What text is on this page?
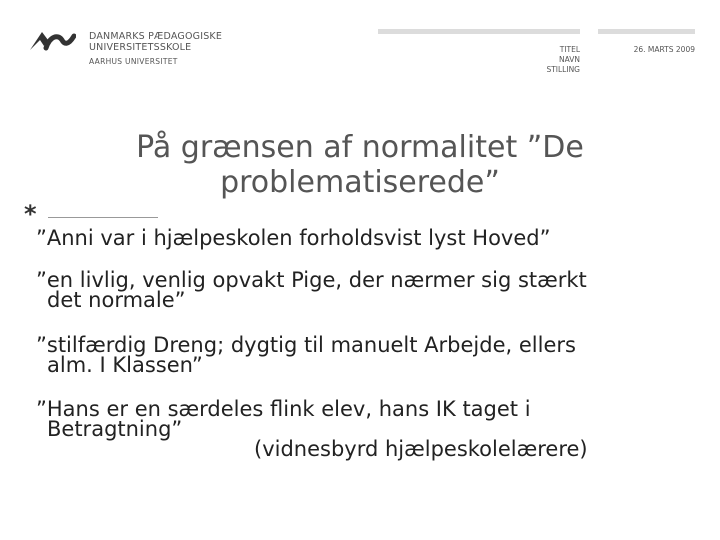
DANMARKS PÆDAGOGISKE
UNIVERSITETSSKOLE
AARHUS UNIVERSITET
TITEL
NAVN
STILLING
26. MARTS 2009
På grænsen af normalitet ”De
problematiserede”
*
”Anni var i hjælpeskolen forholdsvist lyst Hoved”
”en livlig, venlig opvakt Pige, der nærmer sig stærkt
det normale”
”stilfærdig Dreng; dygtig til manuelt Arbejde, ellers
alm. I Klassen”
”Hans er en særdeles flink elev, hans IK taget i
Betragtning”
(vidnesbyrd hjælpeskolelærere)
